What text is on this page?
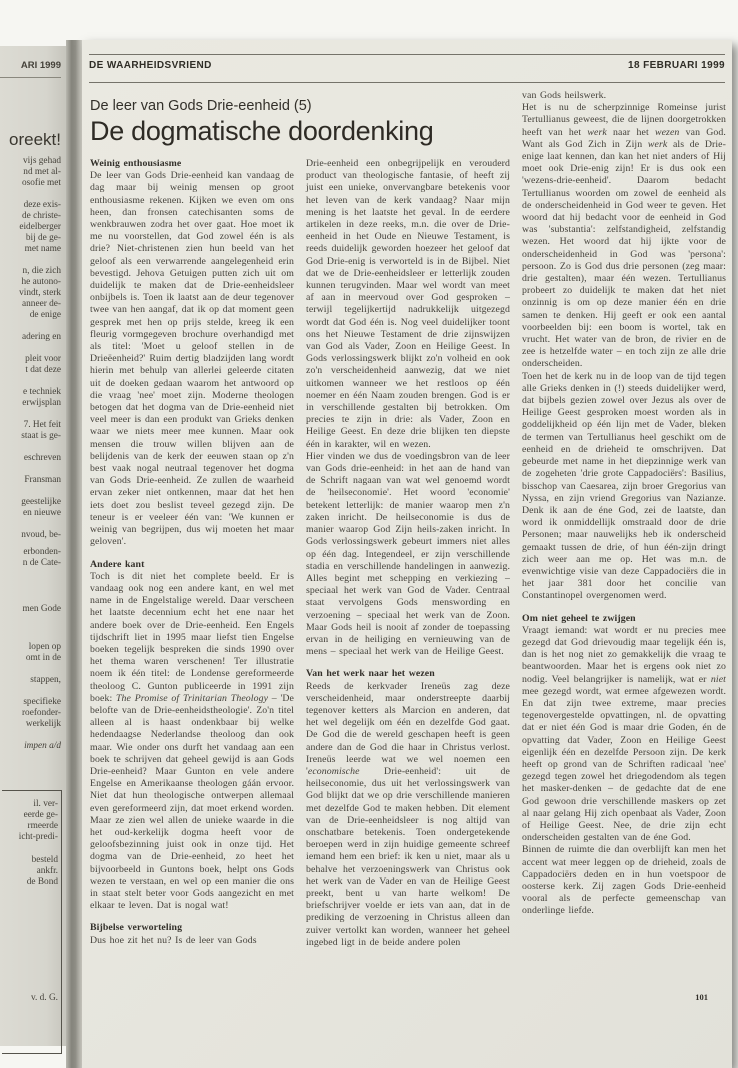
ARI 1999
oreekt!
vijs gehad
nd met al-
osofie met
deze exis-
de christe-
eidelberger
bij de ge-
met name
n, die zich
he autono-
vindt, sterk
anneer de-
de enige
adering en
pleit voor
t dat deze
e techniek
erwijsplan
7. Het feit
staat is ge-
eschreven
Fransman
geestelijke
en nieuwe
nvoud, be-
erbonden-
n de Cate-
men Gode
lopen op
omt in de
stappen,
specifieke
roefonder-
werkelijk
impen a/d
il. ver-
eerde ge-
rmeerde
icht-predi-
besteld
ankfr.
de Bond
v. d. G.
DE WAARHEIDSVRIEND	18 FEBRUARI 1999
De leer van Gods Drie-eenheid (5)
De dogmatische doordenking
Weinig enthousiasme

De leer van Gods Drie-eenheid kan vandaag de dag maar bij weinig mensen op groot enthousiasme rekenen. Kijken we even om ons heen, dan fronsen catechisanten soms de wenkbrauwen zodra het over gaat. Hoe moet ik me nu voorstellen, dat God zowel één is als drie? Niet-christenen zien hun beeld van het geloof als een verwarrende aangelegenheid erin bevestigd. Jehova Getuigen putten zich uit om duidelijk te maken dat de Drie-eenheidsleer onbijbels is. Toen ik laatst aan de deur tegenover twee van hen aangaf, dat ik op dat moment geen gesprek met hen op prijs stelde, kreeg ik een fleurig vormgegeven brochure overhandigd met als titel: 'Moet u geloof stellen in de Drieëenheid?' Ruim dertig bladzijden lang wordt hierin met behulp van allerlei geleerde citaten uit de doeken gedaan waarom het antwoord op die vraag 'nee' moet zijn. Moderne theologen betogen dat het dogma van de Drie-eenheid niet veel meer is dan een produkt van Grieks denken waar we niets meer mee kunnen. Maar ook mensen die trouw willen blijven aan de belijdenis van de kerk der eeuwen staan op z'n best vaak nogal neutraal tegenover het dogma van Gods Drie-eenheid. Ze zullen de waarheid ervan zeker niet ontkennen, maar dat het hen iets doet zou beslist teveel gezegd zijn. De teneur is er veeleer één van: 'We kunnen er weinig van begrijpen, dus wij moeten het maar geloven'.

Andere kant

Toch is dit niet het complete beeld. Er is vandaag ook nog een andere kant, en wel met name in de Engelstalige wereld. Daar verscheen het laatste decennium echt het ene naar het andere boek over de Drie-eenheid. Een Engels tijdschrift liet in 1995 maar liefst tien Engelse boeken tegelijk bespreken die sinds 1990 over het thema waren verschenen! Ter illustratie noem ik één titel: de Londense gereformeerde theoloog C. Gunton publiceerde in 1991 zijn boek: The Promise of Trinitarian Theology – 'De belofte van de Drie-eenheidstheologie'. Zo'n titel alleen al is haast ondenkbaar bij welke hedendaagse Nederlandse theoloog dan ook maar. Wie onder ons durft het vandaag aan een boek te schrijven dat geheel gewijd is aan Gods Drie-eenheid? Maar Gunton en vele andere Engelse en Amerikaanse theologen gáán ervoor. Niet dat hun theologische ontwerpen allemaal even gereformeerd zijn, dat moet erkend worden. Maar ze zien wel allen de unieke waarde in die het oud-kerkelijk dogma heeft voor de geloofsbezinning juist ook in onze tijd. Het dogma van de Drie-eenheid, zo heet het bijvoorbeeld in Guntons boek, helpt ons Gods wezen te verstaan, en wel op een manier die ons in staat stelt beter voor Gods aangezicht en met elkaar te leven. Dat is nogal wat!

Bijbelse verworteling

Dus hoe zit het nu? Is de leer van Gods

Drie-eenheid een onbegrijpelijk en verouderd product van theologische fantasie, of heeft zij juist een unieke, onvervangbare betekenis voor het leven van de kerk vandaag? Naar mijn mening is het laatste het geval. In de eerdere artikelen in deze reeks, m.n. die over de Drie-eenheid in het Oude en Nieuwe Testament, is reeds duidelijk geworden hoezeer het geloof dat God Drie-enig is verworteld is in de Bijbel. Niet dat we de Drie-eenheidsleer er letterlijk zouden kunnen terugvinden. Maar wel wordt van meet af aan in meervoud over God gesproken – terwijl tegelijkertijd nadrukkelijk uitgezegd wordt dat God één is. Nog veel duidelijker toont ons het Nieuwe Testament de drie zijnswijzen van God als Vader, Zoon en Heilige Geest. In Gods verlossingswerk blijkt zo'n volheid en ook zo'n verscheidenheid aanwezig, dat we niet uitkomen wanneer we het restloos op één noemer en één Naam zouden brengen. God is er in verschillende gestalten bij betrokken. Om precies te zijn in drie: als Vader, Zoon en Heilige Geest. En deze drie blijken ten diepste één in karakter, wil en wezen.

Hier vinden we dus de voedingsbron van de leer van Gods drie-eenheid: in het aan de hand van de Schrift nagaan van wat wel genoemd wordt de 'heilseconomie'. Het woord 'economie' betekent letterlijk: de manier waarop men z'n zaken inricht. De heilseconomie is dus de manier waarop God Zijn heils-zaken inricht. In Gods verlossingswerk gebeurt immers niet alles op één dag. Integendeel, er zijn verschillende stadia en verschillende handelingen in aanwezig. Alles begint met schepping en verkiezing – speciaal het werk van God de Vader. Centraal staat vervolgens Gods menswording en verzoening – speciaal het werk van de Zoon. Maar Gods heil is nooit af zonder de toepassing ervan in de heiliging en vernieuwing van de mens – speciaal het werk van de Heilige Geest.

Van het werk naar het wezen

Reeds de kerkvader Ireneüs zag deze verscheidenheid, maar onderstreepte daarbij tegenover ketters als Marcion en anderen, dat het wel degelijk om één en dezelfde God gaat. De God die de wereld geschapen heeft is geen andere dan de God die haar in Christus verlost. Ireneüs leerde wat we wel noemen een 'economische Drie-eenheid': uit de heilseconomie, dus uit het verlossingswerk van God blijkt dat we op drie verschillende manieren met dezelfde God te maken hebben. Dit element van de Drie-eenheidsleer is nog altijd van onschatbare betekenis. Toen ondergetekende beroepen werd in zijn huidige gemeente schreef iemand hem een brief: ik ken u niet, maar als u behalve het verzoeningswerk van Christus ook het werk van de Vader en van de Heilige Geest preekt, bent u van harte welkom! De briefschrijver voelde er iets van aan, dat in de prediking de verzoening in Christus alleen dan zuiver vertolkt kan worden, wanneer het geheel ingebed ligt in de beide andere polen

van Gods heilswerk.

Het is nu de scherpzinnige Romeinse jurist Tertullianus geweest, die de lijnen doorgetrokken heeft van het werk naar het wezen van God. Want als God Zich in Zijn werk als de Drie-enige laat kennen, dan kan het niet anders of Hij moet ook Drie-enig zijn! Er is dus ook een 'wezens-drie-eenheid'. Daarom bedacht Tertullianus woorden om zowel de eenheid als de onderscheidenheid in God weer te geven. Het woord dat hij bedacht voor de eenheid in God was 'substantia': zelfstandigheid, zelfstandig wezen. Het woord dat hij ijkte voor de onderscheidenheid in God was 'persona': persoon. Zo is God dus drie personen (zeg maar: drie gestalten), maar één wezen. Tertullianus probeert zo duidelijk te maken dat het niet onzinnig is om op deze manier één en drie samen te denken. Hij geeft er ook een aantal voorbeelden bij: een boom is wortel, tak en vrucht. Het water van de bron, de rivier en de zee is hetzelfde water – en toch zijn ze alle drie onderscheiden.

Toen het de kerk nu in de loop van de tijd tegen alle Grieks denken in (!) steeds duidelijker werd, dat bijbels gezien zowel over Jezus als over de Heilige Geest gesproken moest worden als in goddelijkheid op één lijn met de Vader, bleken de termen van Tertullianus heel geschikt om de eenheid en de drieheid te omschrijven. Dat gebeurde met name in het diepzinnige werk van de zogeheten 'drie grote Cappadociërs': Basilius, bisschop van Caesarea, zijn broer Gregorius van Nyssa, en zijn vriend Gregorius van Nazianze. Denk ik aan de éne God, zei de laatste, dan word ik onmiddellijk omstraald door de drie Personen; maar nauwelijks heb ik onderscheid gemaakt tussen de drie, of hun één-zijn dringt zich weer aan me op. Het was m.n. de evenwichtige visie van deze Cappadociërs die in het jaar 381 door het concilie van Constantinopel overgenomen werd.

Om niet geheel te zwijgen

Vraagt iemand: wat wordt er nu precies mee gezegd dat God drievoudig maar tegelijk één is, dan is het nog niet zo gemakkelijk die vraag te beantwoorden. Maar het is ergens ook niet zo nodig. Veel belangrijker is namelijk, wat er niet mee gezegd wordt, wat ermee afgewezen wordt. En dat zijn twee extreme, maar precies tegenovergestelde opvattingen, nl. de opvatting dat er niet één God is maar drie Goden, én de opvatting dat Vader, Zoon en Heilige Geest eigenlijk één en dezelfde Persoon zijn. De kerk heeft op grond van de Schriften radicaal 'nee' gezegd tegen zowel het driegodendom als tegen het masker-denken – de gedachte dat de ene God gewoon drie verschillende maskers op zet al naar gelang Hij zich openbaat als Vader, Zoon of Heilige Geest. Nee, de drie zijn echt onderscheiden gestalten van de éne God.

Binnen de ruimte die dan overblijft kan men het accent wat meer leggen op de drieheid, zoals de Cappadociërs deden en in hun voetspoor de oosterse kerk. Zij zagen Gods Drie-eenheid vooral als de perfecte gemeenschap van onderlinge liefde.

101
